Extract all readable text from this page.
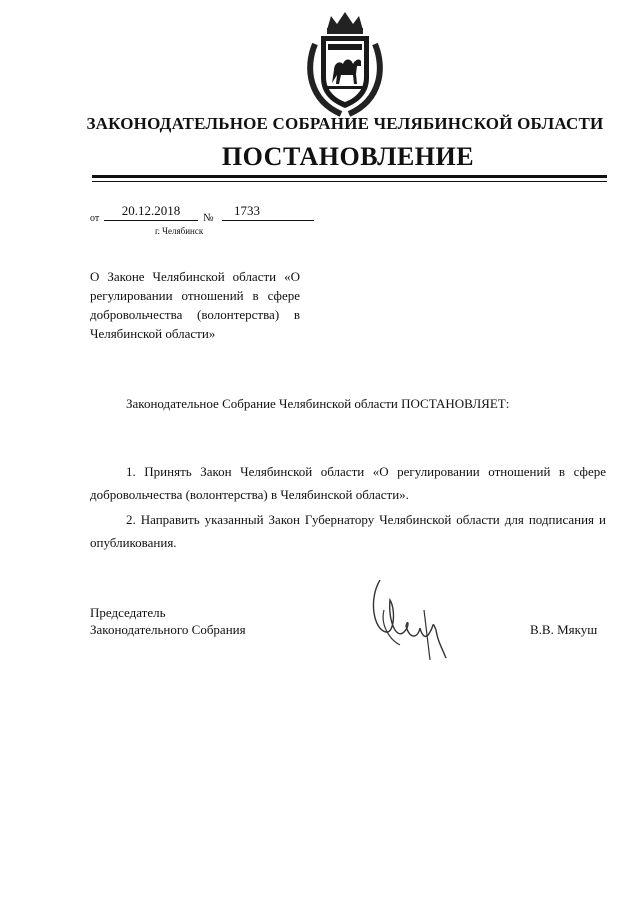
ЗАКОНОДАТЕЛЬНОЕ СОБРАНИЕ ЧЕЛЯБИНСКОЙ ОБЛАСТИ
ПОСТАНОВЛЕНИЕ
от
20.12.2018	№	1733
г. Челябинск
О Законе Челябинской области «О регулировании отношений в сфере добровольчества (волонтерства) в Челябинской области»
Законодательное Собрание Челябинской области ПОСТАНОВЛЯЕТ:
1. Принять Закон Челябинской области «О регулировании отношений в сфере добровольчества (волонтерства) в Челябинской области».
2. Направить указанный Закон Губернатору Челябинской области для подписания и опубликования.
Председатель
Законодательного Собрания	В.В. Мякуш
